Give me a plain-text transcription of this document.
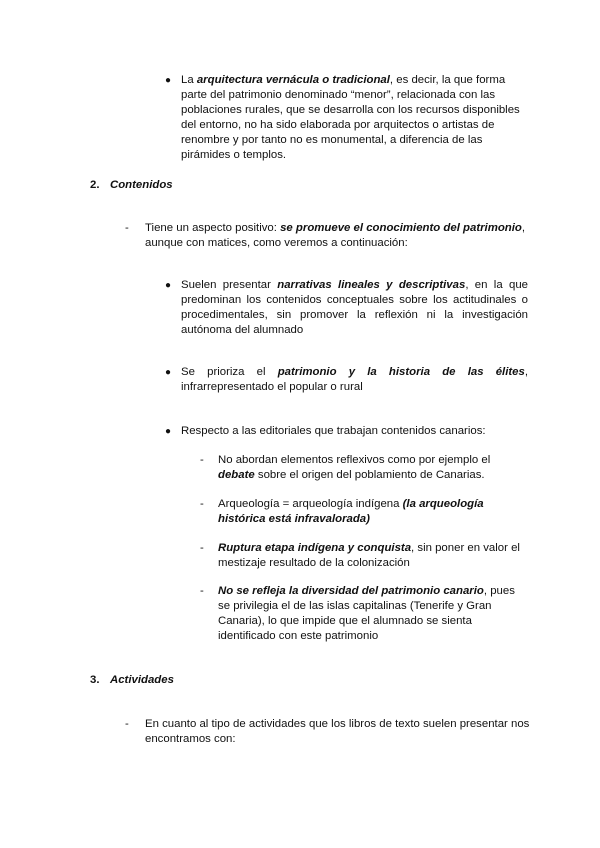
● La arquitectura vernácula o tradicional, es decir, la que forma parte del patrimonio denominado “menor”, relacionada con las poblaciones rurales, que se desarrolla con los recursos disponibles del entorno, no ha sido elaborada por arquitectos o artistas de renombre y por tanto no es monumental, a diferencia de las pirámides o templos.
2. Contenidos
- Tiene un aspecto positivo: se promueve el conocimiento del patrimonio, aunque con matices, como veremos a continuación:
● Suelen presentar narrativas lineales y descriptivas, en la que predominan los contenidos conceptuales sobre los actitudinales o procedimentales, sin promover la reflexión ni la investigación autónoma del alumnado
● Se prioriza el patrimonio y la historia de las élites, infrarrepresentado el popular o rural
● Respecto a las editoriales que trabajan contenidos canarios:
- No abordan elementos reflexivos como por ejemplo el debate sobre el origen del poblamiento de Canarias.
- Arqueología = arqueología indígena (la arqueología histórica está infravalorada)
- Ruptura etapa indígena y conquista, sin poner en valor el mestizaje resultado de la colonización
- No se refleja la diversidad del patrimonio canario, pues se privilegia el de las islas capitalinas (Tenerife y Gran Canaria), lo que impide que el alumnado se sienta identificado con este patrimonio
3. Actividades
- En cuanto al tipo de actividades que los libros de texto suelen presentar nos encontramos con:
